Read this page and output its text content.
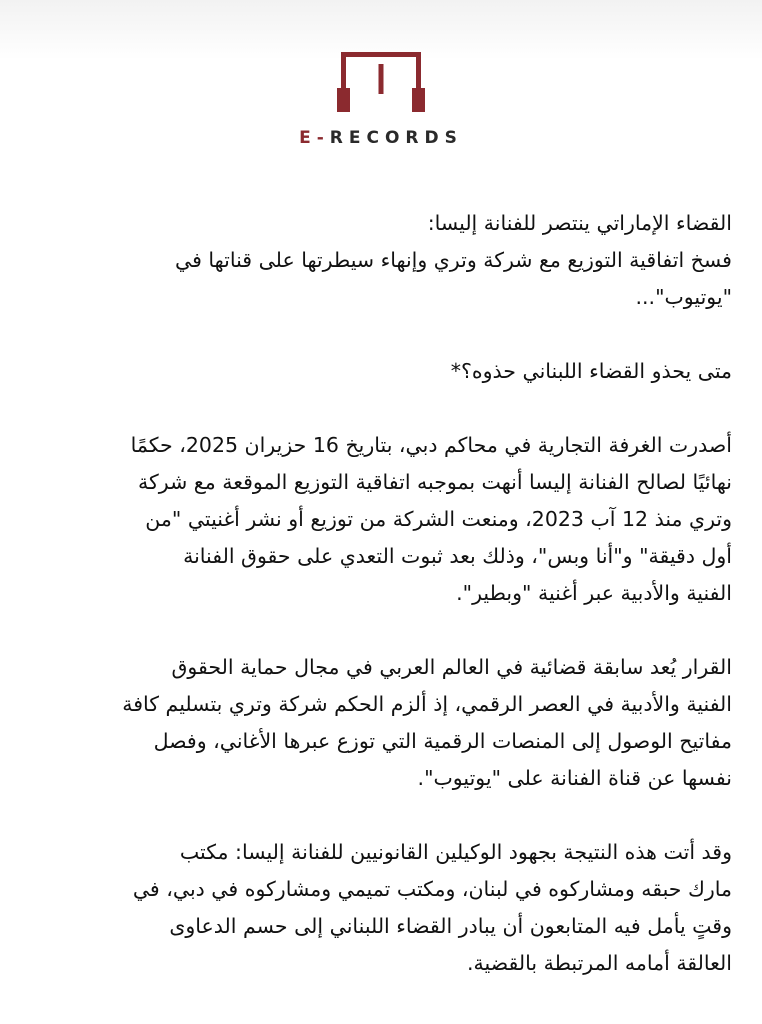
E-RECORDS

القضاء الإماراتي ينتصر للفنانة إليسا:
فسخ اتفاقية التوزيع مع شركة وتري وإنهاء سيطرتها على قناتها في
"يوتيوب"...

متى يحذو القضاء اللبناني حذوه؟*

أصدرت الغرفة التجارية في محاكم دبي، بتاريخ 16 حزيران 2025، حكمًا
نهائيًا لصالح الفنانة إليسا أنهت بموجبه اتفاقية التوزيع الموقعة مع شركة
وتري منذ 12 آب 2023، ومنعت الشركة من توزيع أو نشر أغنيتي "من
أول دقيقة" و"أنا وبس"، وذلك بعد ثبوت التعدي على حقوق الفنانة
الفنية والأدبية عبر أغنية "وبطير".

القرار يُعد سابقة قضائية في العالم العربي في مجال حماية الحقوق
الفنية والأدبية في العصر الرقمي، إذ ألزم الحكم شركة وتري بتسليم كافة
مفاتيح الوصول إلى المنصات الرقمية التي توزع عبرها الأغاني، وفصل
نفسها عن قناة الفنانة على "يوتيوب".

وقد أتت هذه النتيجة بجهود الوكيلين القانونيين للفنانة إليسا: مكتب
مارك حبقه ومشاركوه في لبنان، ومكتب تميمي ومشاركوه في دبي، في
وقتٍ يأمل فيه المتابعون أن يبادر القضاء اللبناني إلى حسم الدعاوى
العالقة أمامه المرتبطة بالقضية.
